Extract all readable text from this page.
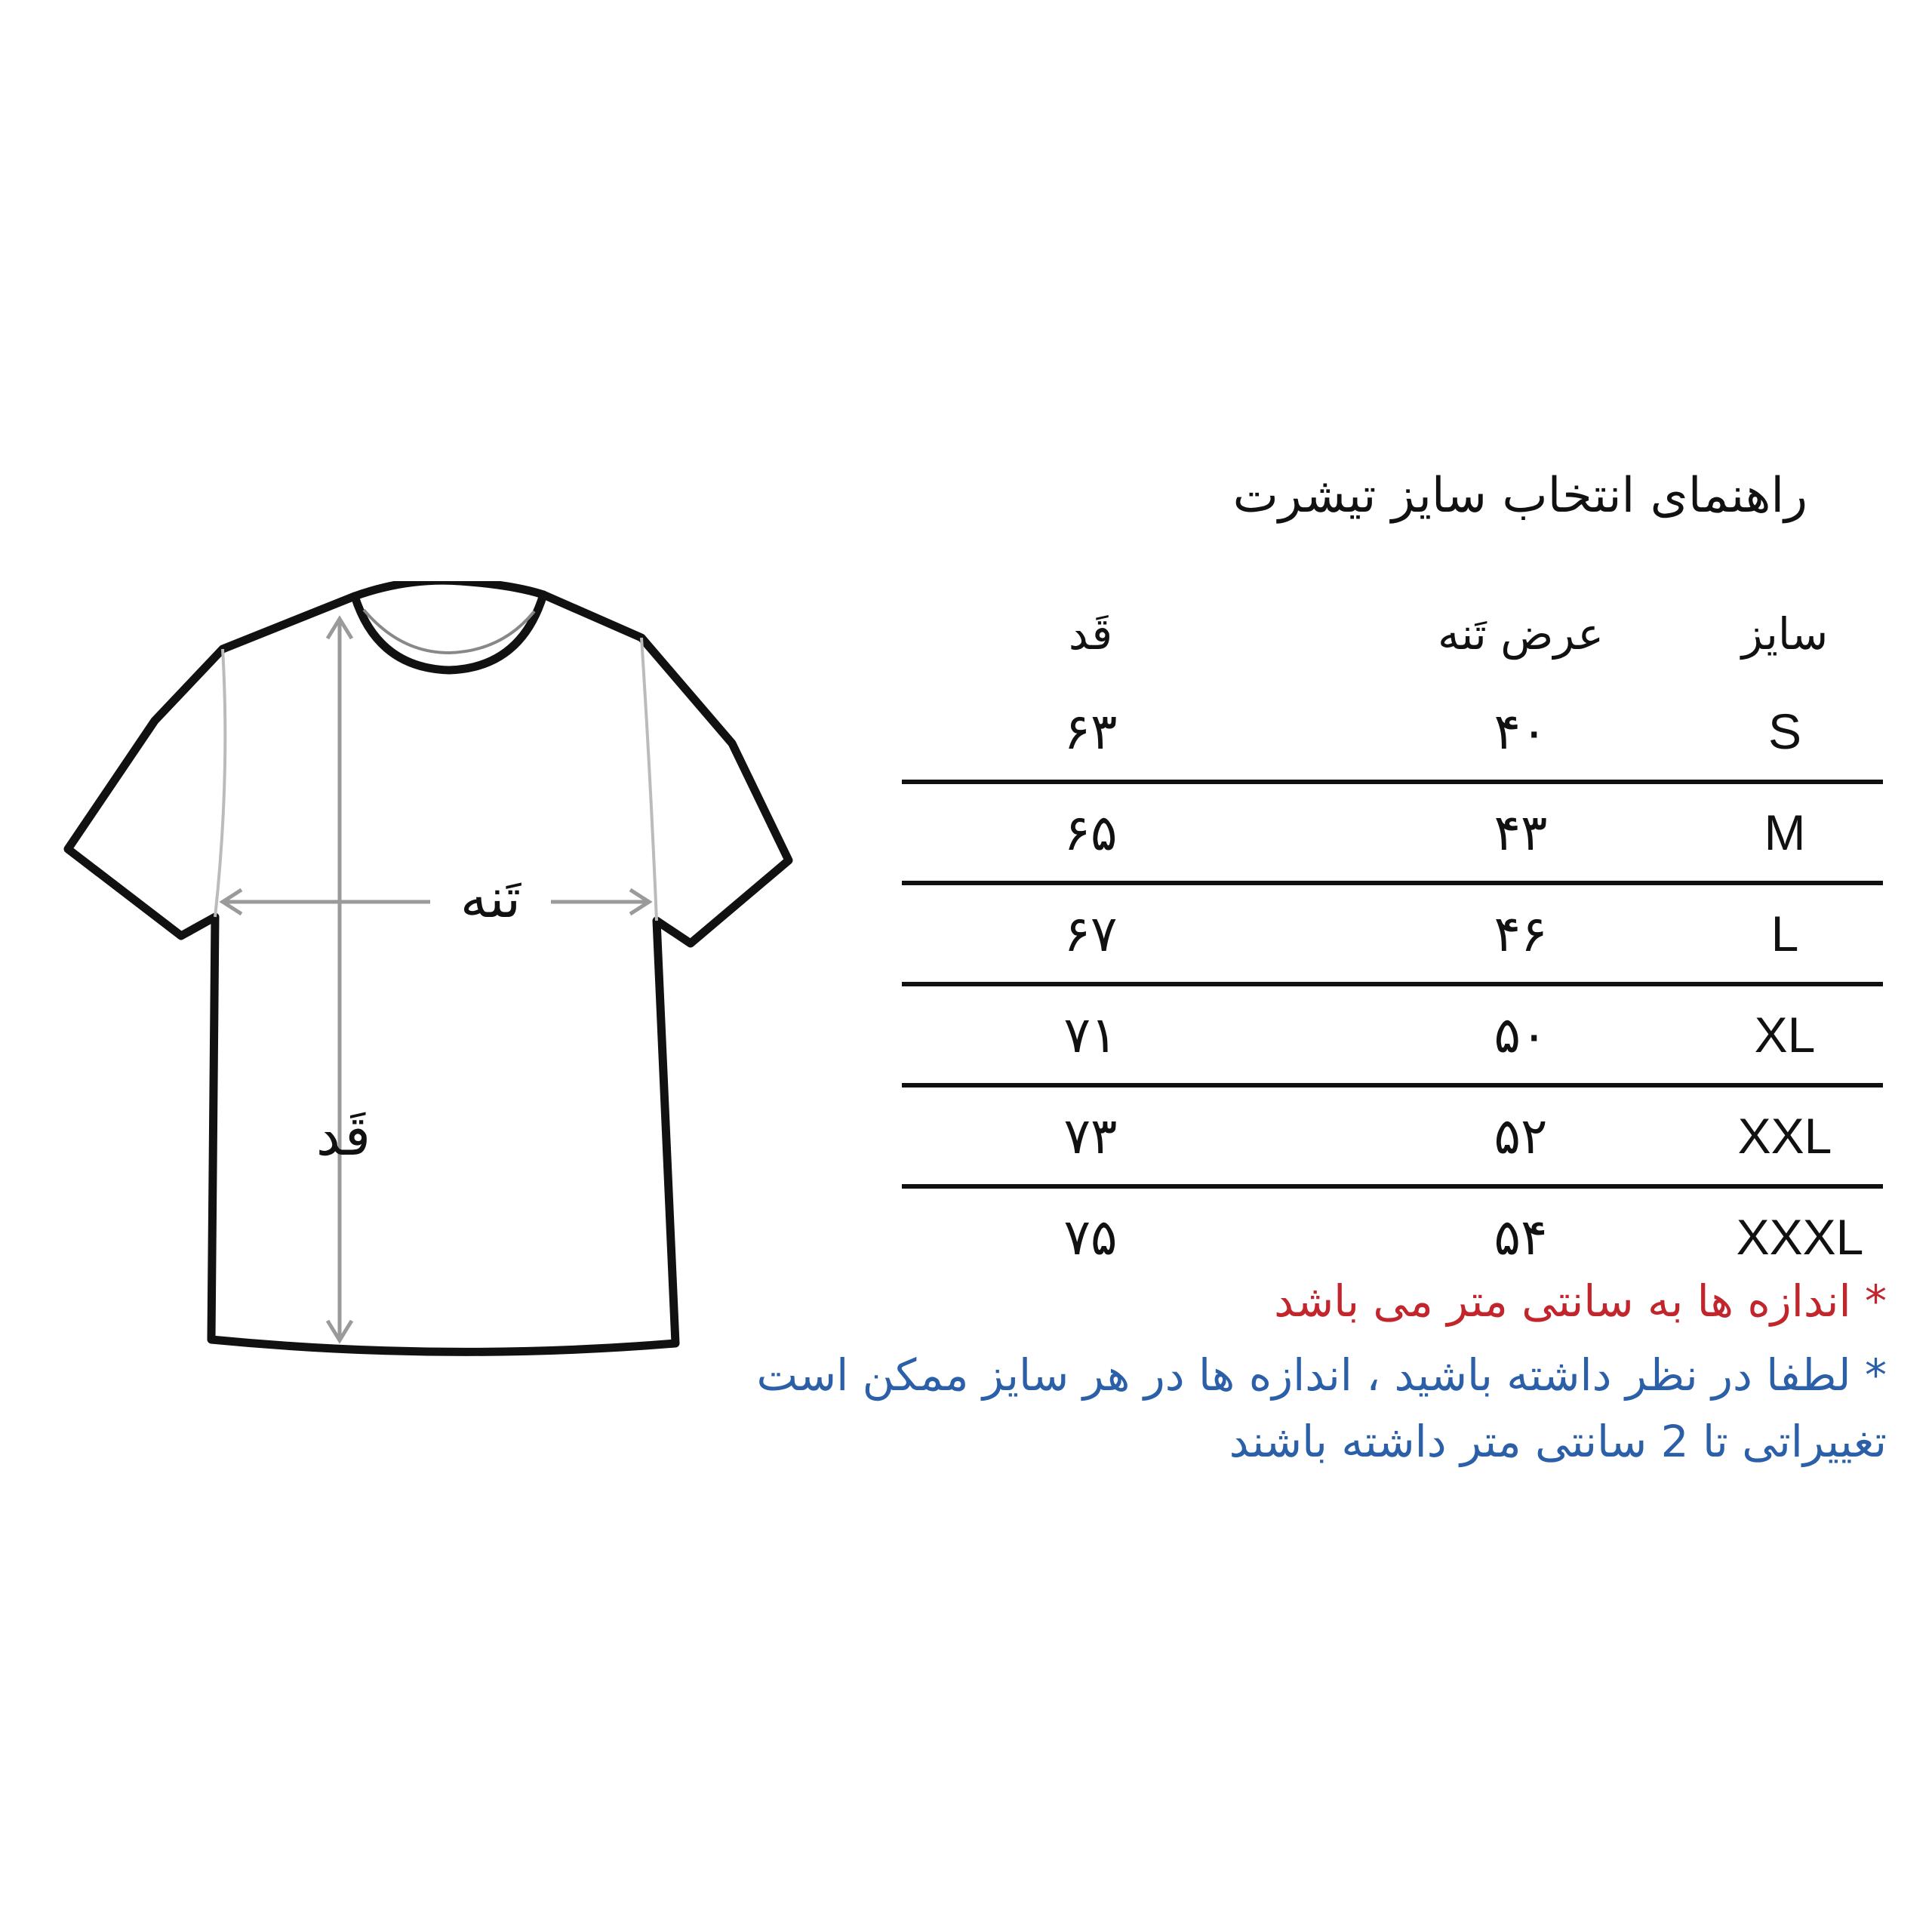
تَنه
قَد
راهنمای انتخاب سایز تیشرت
سایز
عرض تَنه
قَد
S
۴۰
۶۳
M
۴۳
۶۵
L
۴۶
۶۷
XL
۵۰
۷۱
XXL
۵۲
۷۳
XXXL
۵۴
۷۵
* اندازه ها به سانتی متر می باشد
* لطفا در نظر داشته باشید ، اندازه ها در هر سایز ممکن است تغییراتی تا 2 سانتی متر داشته باشند
